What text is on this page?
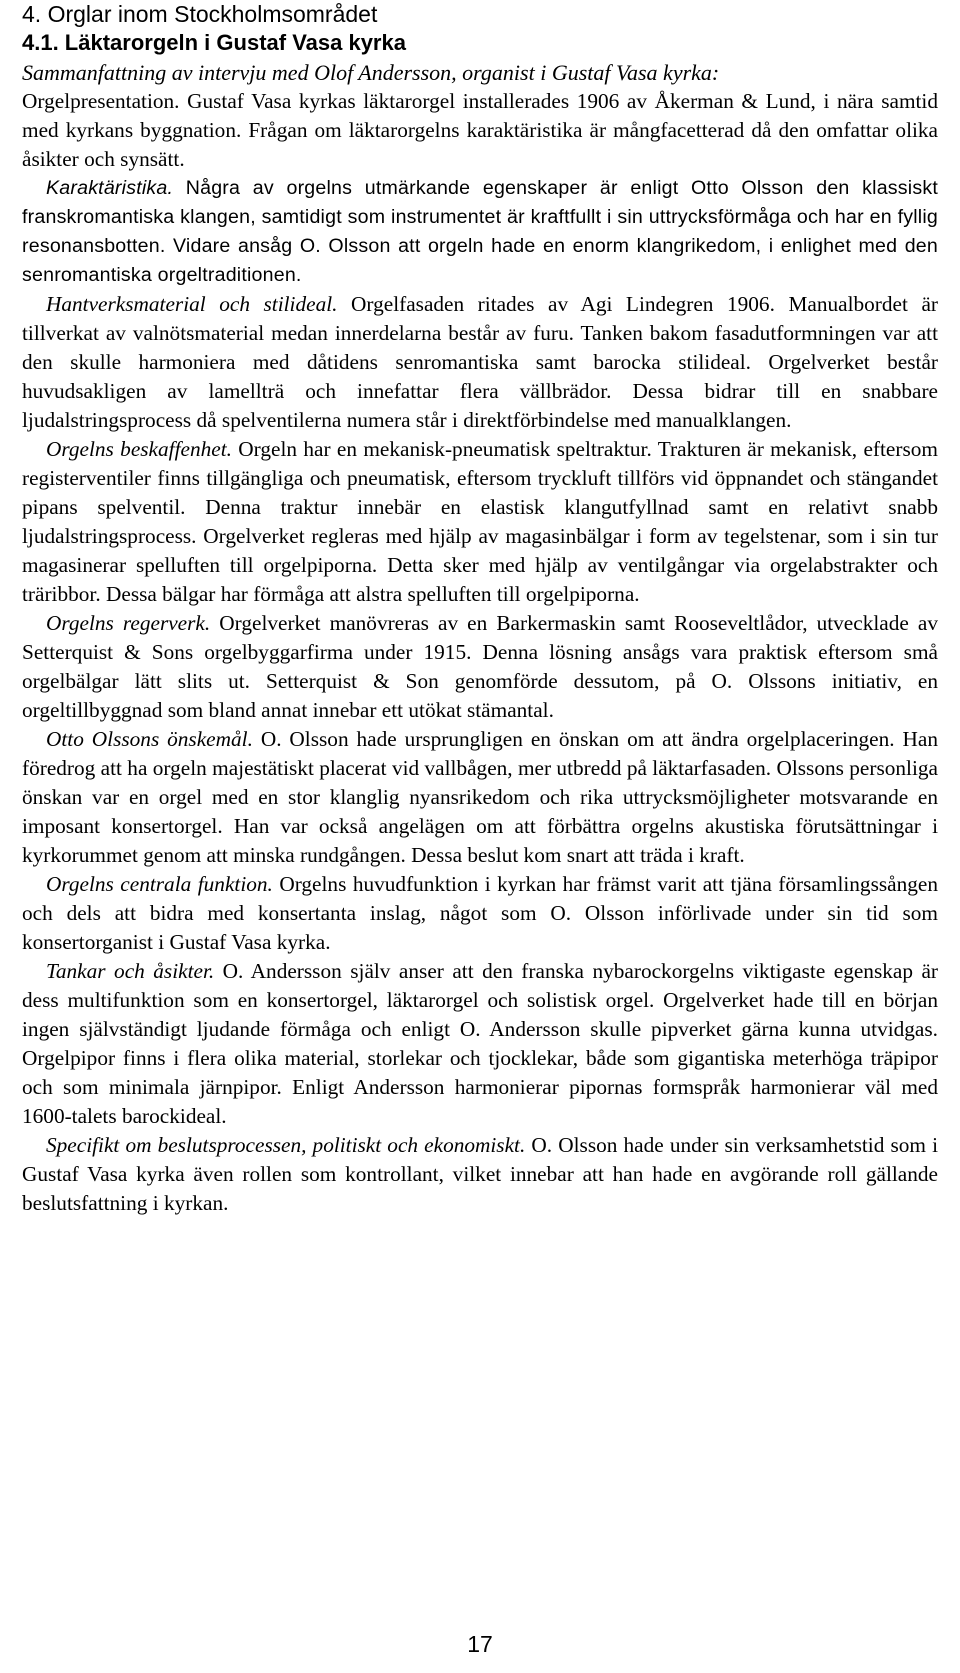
4. Orglar inom Stockholmsområdet
4.1. Läktarorgeln i Gustaf Vasa kyrka
Sammanfattning av intervju med Olof Andersson, organist i Gustaf Vasa kyrka:

Orgelpresentation. Gustaf Vasa kyrkas läktarorgel installerades 1906 av Åkerman & Lund, i nära samtid med kyrkans byggnation. Frågan om läktarorgelns karaktäristika är mångfacetterad då den omfattar olika åsikter och synsätt.

Karaktäristika. Några av orgelns utmärkande egenskaper är enligt Otto Olsson den klassiskt franskromantiska klangen, samtidigt som instrumentet är kraftfullt i sin uttrycksförmåga och har en fyllig resonansbotten. Vidare ansåg O. Olsson att orgeln hade en enorm klangrikedom, i enlighet med den senromantiska orgeltraditionen.

Hantverksmaterial och stilideal. Orgelfasaden ritades av Agi Lindegren 1906. Manualbordet är tillverkat av valnötsmaterial medan innerdelarna består av furu. Tanken bakom fasadutformningen var att den skulle harmoniera med dåtidens senromantiska samt barocka stilideal. Orgelverket består huvudsakligen av lamellträ och innefattar flera vällbrädor. Dessa bidrar till en snabbare ljudalstringsprocess då spelventilerna numera står i direktförbindelse med manualklangen.

Orgelns beskaffenhet. Orgeln har en mekanisk-pneumatisk speltraktur. Trakturen är mekanisk, eftersom registerventiler finns tillgängliga och pneumatisk, eftersom tryckluft tillförs vid öppnandet och stängandet pipans spelventil. Denna traktur innebär en elastisk klangutfyllnad samt en relativt snabb ljudalstringsprocess. Orgelverket regleras med hjälp av magasinbälgar i form av tegelstenar, som i sin tur magasinerar spelluften till orgelpiporna. Detta sker med hjälp av ventilgångar via orgelabstrakter och träribbor. Dessa bälgar har förmåga att alstra spelluften till orgelpiporna.

Orgelns regerverk. Orgelverket manövreras av en Barkermaskin samt Rooseveltlådor, utvecklade av Setterquist & Sons orgelbyggarfirma under 1915. Denna lösning ansågs vara praktisk eftersom små orgelbälgar lätt slits ut. Setterquist & Son genomförde dessutom, på O. Olssons initiativ, en orgeltillbyggnad som bland annat innebar ett utökat stämantal.

Otto Olssons önskemål. O. Olsson hade ursprungligen en önskan om att ändra orgelplaceringen. Han föredrog att ha orgeln majestätiskt placerat vid vallbågen, mer utbredd på läktarfasaden. Olssons personliga önskan var en orgel med en stor klanglig nyansrikedom och rika uttrycksmöjligheter motsvarande en imposant konsertorgel. Han var också angelägen om att förbättra orgelns akustiska förutsättningar i kyrkorummet genom att minska rundgången. Dessa beslut kom snart att träda i kraft.

Orgelns centrala funktion. Orgelns huvudfunktion i kyrkan har främst varit att tjäna församlingssången och dels att bidra med konsertanta inslag, något som O. Olsson införlivade under sin tid som konsertorganist i Gustaf Vasa kyrka.

Tankar och åsikter. O. Andersson själv anser att den franska nybarockorgelns viktigaste egenskap är dess multifunktion som en konsertorgel, läktarorgel och solistisk orgel. Orgelverket hade till en början ingen självständigt ljudande förmåga och enligt O. Andersson skulle pipverket gärna kunna utvidgas. Orgelpipor finns i flera olika material, storlekar och tjocklekar, både som gigantiska meterhöga träpipor och som minimala järnpipor. Enligt Andersson harmonierar pipornas formspråk harmonierar väl med 1600-talets barockideal.

Specifikt om beslutsprocessen, politiskt och ekonomiskt. O. Olsson hade under sin verksamhetstid som i Gustaf Vasa kyrka även rollen som kontrollant, vilket innebar att han hade en avgörande roll gällande beslutsfattning i kyrkan.

17
